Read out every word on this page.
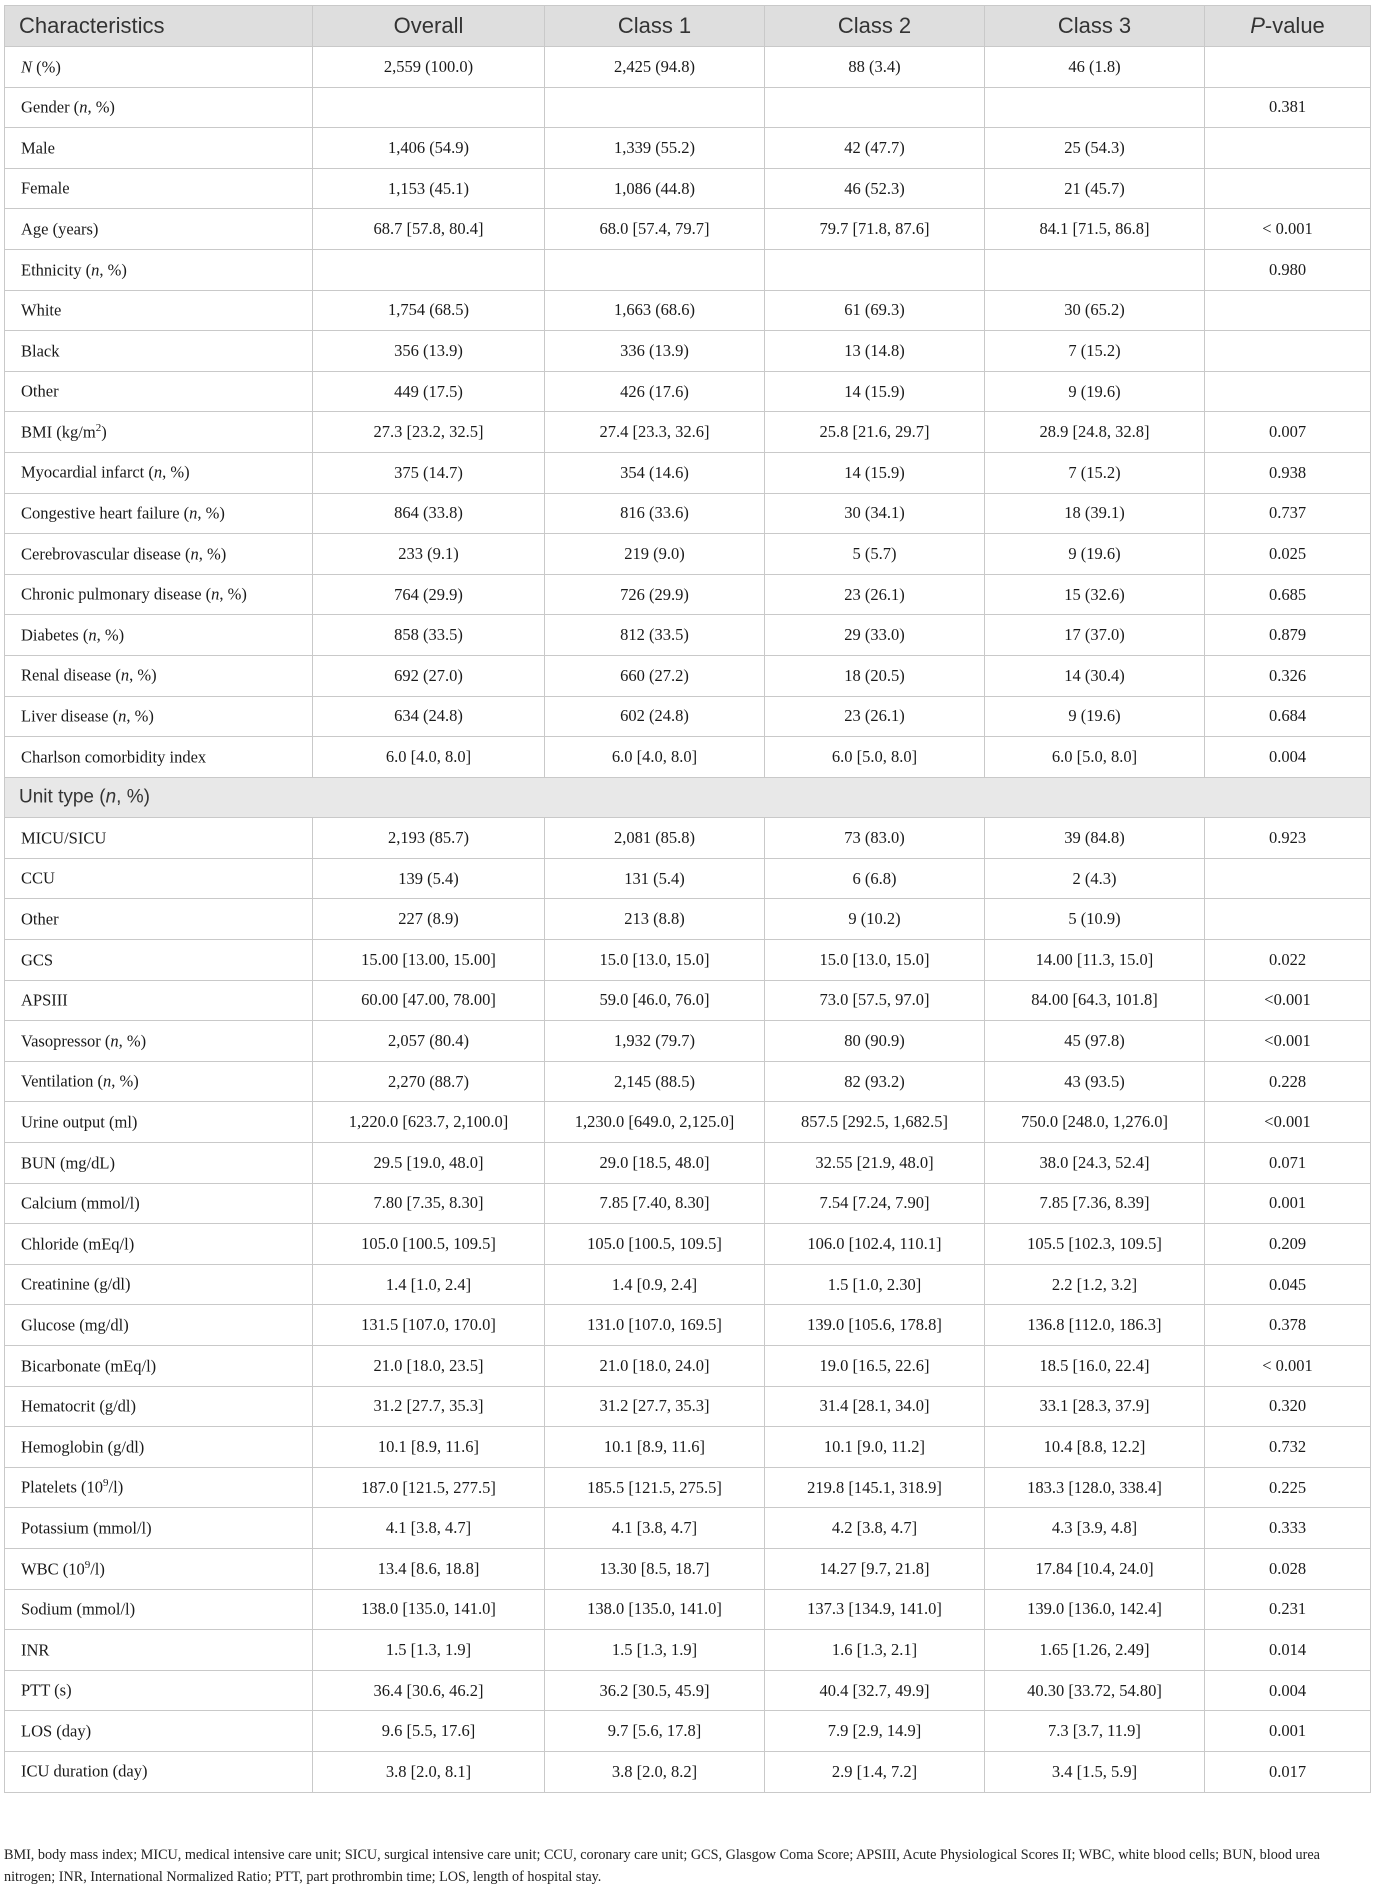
Characteristics	Overall	Class 1	Class 2	Class 3	P-value
N (%)	2,559 (100.0)	2,425 (94.8)	88 (3.4)	46 (1.8)	
Gender (n, %)					0.381
Male	1,406 (54.9)	1,339 (55.2)	42 (47.7)	25 (54.3)	
Female	1,153 (45.1)	1,086 (44.8)	46 (52.3)	21 (45.7)	
Age (years)	68.7 [57.8, 80.4]	68.0 [57.4, 79.7]	79.7 [71.8, 87.6]	84.1 [71.5, 86.8]	< 0.001
Ethnicity (n, %)					0.980
White	1,754 (68.5)	1,663 (68.6)	61 (69.3)	30 (65.2)	
Black	356 (13.9)	336 (13.9)	13 (14.8)	7 (15.2)	
Other	449 (17.5)	426 (17.6)	14 (15.9)	9 (19.6)	
BMI $(kg/m^2)$	27.3 [23.2, 32.5]	27.4 [23.3, 32.6]	25.8 [21.6, 29.7]	28.9 [24.8, 32.8]	0.007
Myocardial infarct (n, %)	375 (14.7)	354 (14.6)	14 (15.9)	7 (15.2)	0.938
Congestive heart failure (n, %)	864 (33.8)	816 (33.6)	30 (34.1)	18 (39.1)	0.737
Cerebrovascular disease (n, %)	233 (9.1)	219 (9.0)	5 (5.7)	9 (19.6)	0.025
Chronic pulmonary disease (n, %)	764 (29.9)	726 (29.9)	23 (26.1)	15 (32.6)	0.685
Diabetes (n, %)	858 (33.5)	812 (33.5)	29 (33.0)	17 (37.0)	0.879
Renal disease (n, %)	692 (27.0)	660 (27.2)	18 (20.5)	14 (30.4)	0.326
Liver disease (n, %)	634 (24.8)	602 (24.8)	23 (26.1)	9 (19.6)	0.684
Charlson comorbidity index	6.0 [4.0, 8.0]	6.0 [4.0, 8.0]	6.0 [5.0, 8.0]	6.0 [5.0, 8.0]	0.004
Unit type (n, %)					
MICU/SICU	2,193 (85.7)	2,081 (85.8)	73 (83.0)	39 (84.8)	0.923
CCU	139 (5.4)	131 (5.4)	6 (6.8)	2 (4.3)	
Other	227 (8.9)	213 (8.8)	9 (10.2)	5 (10.9)	
GCS	15.00 [13.00, 15.00]	15.0 [13.0, 15.0]	15.0 [13.0, 15.0]	14.00 [11.3, 15.0]	0.022
APSIII	60.00 [47.00, 78.00]	59.0 [46.0, 76.0]	73.0 [57.5, 97.0]	84.00 [64.3, 101.8]	<0.001
Vasopressor (n, %)	2,057 (80.4)	1,932 (79.7)	80 (90.9)	45 (97.8)	<0.001
Ventilation (n, %)	2,270 (88.7)	2,145 (88.5)	82 (93.2)	43 (93.5)	0.228
Urine output (ml)	1,220.0 [623.7, 2,100.0]	1,230.0 [649.0, 2,125.0]	857.5 [292.5, 1,682.5]	750.0 [248.0, 1,276.0]	<0.001
BUN (mg/dL)	29.5 [19.0, 48.0]	29.0 [18.5, 48.0]	32.55 [21.9, 48.0]	38.0 [24.3, 52.4]	0.071
Calcium (mmol/l)	7.80 [7.35, 8.30]	7.85 [7.40, 8.30]	7.54 [7.24, 7.90]	7.85 [7.36, 8.39]	0.001
Chloride (mEq/l)	105.0 [100.5, 109.5]	105.0 [100.5, 109.5]	106.0 [102.4, 110.1]	105.5 [102.3, 109.5]	0.209
Creatinine (g/dl)	1.4 [1.0, 2.4]	1.4 [0.9, 2.4]	1.5 [1.0, 2.30]	2.2 [1.2, 3.2]	0.045
Glucose (mg/dl)	131.5 [107.0, 170.0]	131.0 [107.0, 169.5]	139.0 [105.6, 178.8]	136.8 [112.0, 186.3]	0.378
Bicarbonate (mEq/l)	21.0 [18.0, 23.5]	21.0 [18.0, 24.0]	19.0 [16.5, 22.6]	18.5 [16.0, 22.4]	< 0.001
Hematocrit (g/dl)	31.2 [27.7, 35.3]	31.2 [27.7, 35.3]	31.4 [28.1, 34.0]	33.1 [28.3, 37.9]	0.320
Hemoglobin (g/dl)	10.1 [8.9, 11.6]	10.1 [8.9, 11.6]	10.1 [9.0, 11.2]	10.4 [8.8, 12.2]	0.732
Platelets $(10^9/l)$	187.0 [121.5, 277.5]	185.5 [121.5, 275.5]	219.8 [145.1, 318.9]	183.3 [128.0, 338.4]	0.225
Potassium (mmol/l)	4.1 [3.8, 4.7]	4.1 [3.8, 4.7]	4.2 [3.8, 4.7]	4.3 [3.9, 4.8]	0.333
WBC $(10^9/l)$	13.4 [8.6, 18.8]	13.30 [8.5, 18.7]	14.27 [9.7, 21.8]	17.84 [10.4, 24.0]	0.028
Sodium (mmol/l)	138.0 [135.0, 141.0]	138.0 [135.0, 141.0]	137.3 [134.9, 141.0]	139.0 [136.0, 142.4]	0.231
INR	1.5 [1.3, 1.9]	1.5 [1.3, 1.9]	1.6 [1.3, 2.1]	1.65 [1.26, 2.49]	0.014
PTT (s)	36.4 [30.6, 46.2]	36.2 [30.5, 45.9]	40.4 [32.7, 49.9]	40.30 [33.72, 54.80]	0.004
LOS (day)	9.6 [5.5, 17.6]	9.7 [5.6, 17.8]	7.9 [2.9, 14.9]	7.3 [3.7, 11.9]	0.001
ICU duration (day)	3.8 [2.0, 8.1]	3.8 [2.0, 8.2]	2.9 [1.4, 7.2]	3.4 [1.5, 5.9]	0.017
BMI, body mass index; MICU, medical intensive care unit; SICU, surgical intensive care unit; CCU, coronary care unit; GCS, Glasgow Coma Score; APSIII, Acute Physiological Scores II; WBC, white blood cells; BUN, blood urea nitrogen; INR, International Normalized Ratio; PTT, part prothrombin time; LOS, length of hospital stay.
